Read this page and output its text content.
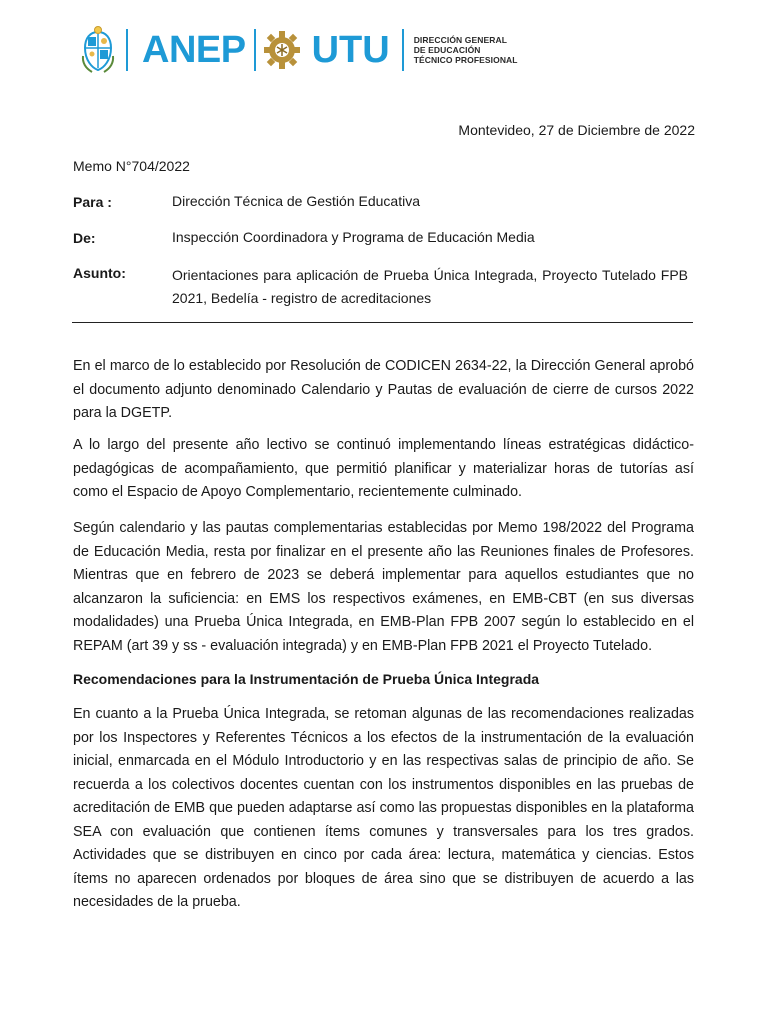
ANEP UTU	DIRECCIÓN GENERAL
DE EDUCACIÓN
TÉCNICO PROFESIONAL
Montevideo, 27 de Diciembre de 2022
Memo N°704/2022
Para :	Dirección Técnica de Gestión Educativa
De:	Inspección Coordinadora y Programa de Educación Media
Asunto:	Orientaciones para aplicación de Prueba Única Integrada, Proyecto Tutelado FPB 2021, Bedelía - registro de acreditaciones

En el marco de lo establecido por Resolución de CODICEN 2634-22, la Dirección General aprobó el documento adjunto denominado Calendario y Pautas de evaluación de cierre de cursos 2022 para la DGETP.

A lo largo del presente año lectivo se continuó implementando líneas estratégicas didáctico-pedagógicas de acompañamiento, que permitió planificar y materializar horas de tutorías así como el Espacio de Apoyo Complementario, recientemente culminado.

Según calendario y las pautas complementarias establecidas por Memo 198/2022 del Programa de Educación Media, resta por finalizar en el presente año las Reuniones finales de Profesores. Mientras que en febrero de 2023 se deberá implementar para aquellos estudiantes que no alcanzaron la suficiencia: en EMS los respectivos exámenes, en EMB-CBT (en sus diversas modalidades) una Prueba Única Integrada, en EMB-Plan FPB 2007 según lo establecido en el REPAM (art 39 y ss - evaluación integrada) y en EMB-Plan FPB 2021 el Proyecto Tutelado.

Recomendaciones para la Instrumentación de Prueba Única Integrada

En cuanto a la Prueba Única Integrada, se retoman algunas de las recomendaciones realizadas por los Inspectores y Referentes Técnicos a los efectos de la instrumentación de la evaluación inicial, enmarcada en el Módulo Introductorio y en las respectivas salas de principio de año. Se recuerda a los colectivos docentes cuentan con los instrumentos disponibles en las pruebas de acreditación de EMB que pueden adaptarse así como las propuestas disponibles en la plataforma SEA con evaluación que contienen ítems comunes y transversales para los tres grados. Actividades que se distribuyen en cinco por cada área: lectura, matemática y ciencias. Estos ítems no aparecen ordenados por bloques de área sino que se distribuyen de acuerdo a las necesidades de la prueba.
